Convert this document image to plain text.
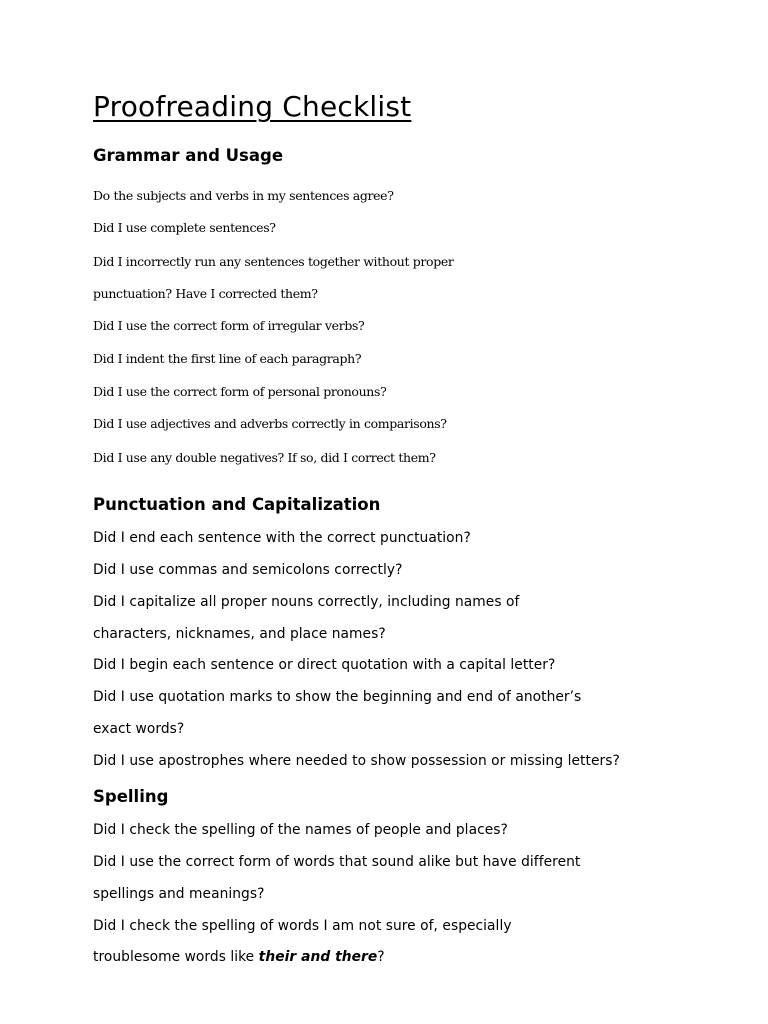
Proofreading Checklist
Grammar and Usage

Do the subjects and verbs in my sentences agree?

Did I use complete sentences?

Did I incorrectly run any sentences together without proper

punctuation? Have I corrected them?

Did I use the correct form of irregular verbs?

Did I indent the first line of each paragraph?

Did I use the correct form of personal pronouns?

Did I use adjectives and adverbs correctly in comparisons?

Did I use any double negatives? If so, did I correct them?

Punctuation and Capitalization

Did I end each sentence with the correct punctuation?

Did I use commas and semicolons correctly?

Did I capitalize all proper nouns correctly, including names of

characters, nicknames, and place names?

Did I begin each sentence or direct quotation with a capital letter?

Did I use quotation marks to show the beginning and end of another’s

exact words?

Did I use apostrophes where needed to show possession or missing letters?

Spelling

Did I check the spelling of the names of people and places?

Did I use the correct form of words that sound alike but have different

spellings and meanings?

Did I check the spelling of words I am not sure of, especially

troublesome words like their and there?
